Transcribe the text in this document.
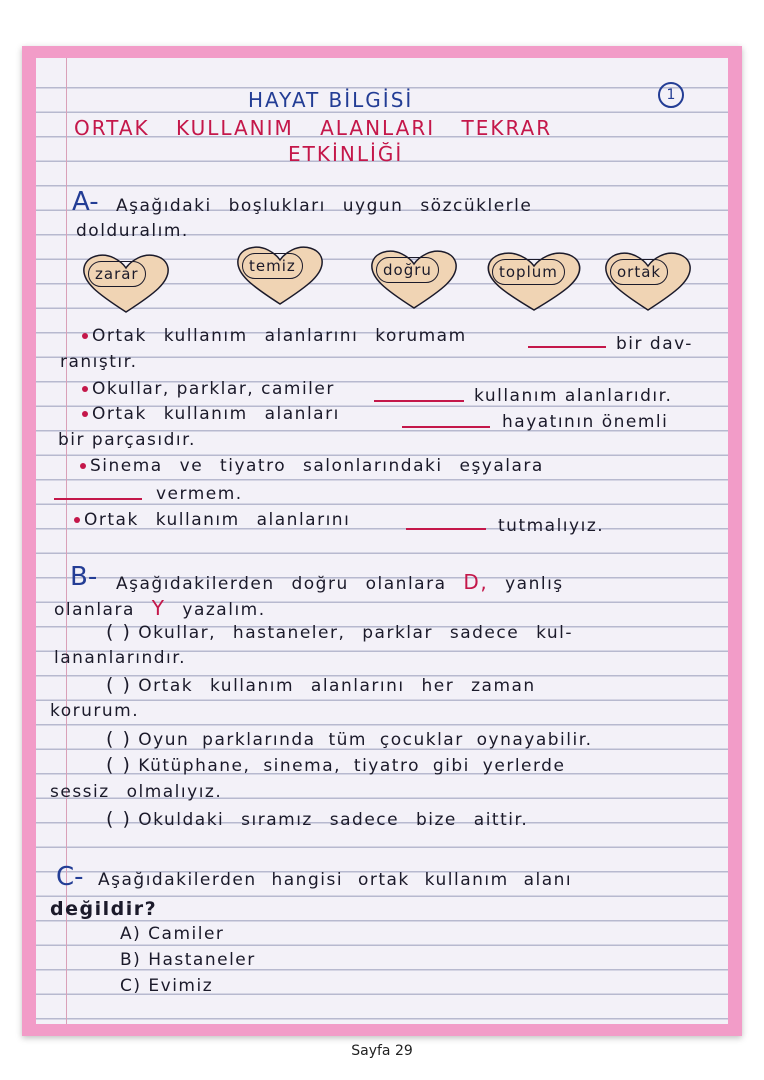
HAYAT BİLGİSİ	1
ORTAK KULLANIM ALANLARI TEKRAR
ETKİNLİĞİ
A- Aşağıdaki boşlukları uygun sözcüklerle
dolduralım.
zarar	temiz	doğru	toplum	ortak
Ortak kullanım alanlarını korumam	bir dav-
ranıştır.
Okullar, parklar, camiler	kullanım alanlarıdır.
Ortak kullanım alanları	hayatının önemli
bir parçasıdır.
Sinema ve tiyatro salonlarındaki eşyalara
vermem.
Ortak kullanım alanlarını	tutmalıyız.
B- Aşağıdakilerden doğru olanlara D, yanlış
olanlara Y yazalım.
( ) Okullar, hastaneler, parklar sadece kul-
lananlarındır.
( ) Ortak kullanım alanlarını her zaman
korurum.
( ) Oyun parklarında tüm çocuklar oynayabilir.
( ) Kütüphane, sinema, tiyatro gibi yerlerde
sessiz olmalıyız.
( ) Okuldaki sıramız sadece bize aittir.
C- Aşağıdakilerden hangisi ortak kullanım alanı
değildir?
A) Camiler
B) Hastaneler
C) Evimiz
Sayfa 29
